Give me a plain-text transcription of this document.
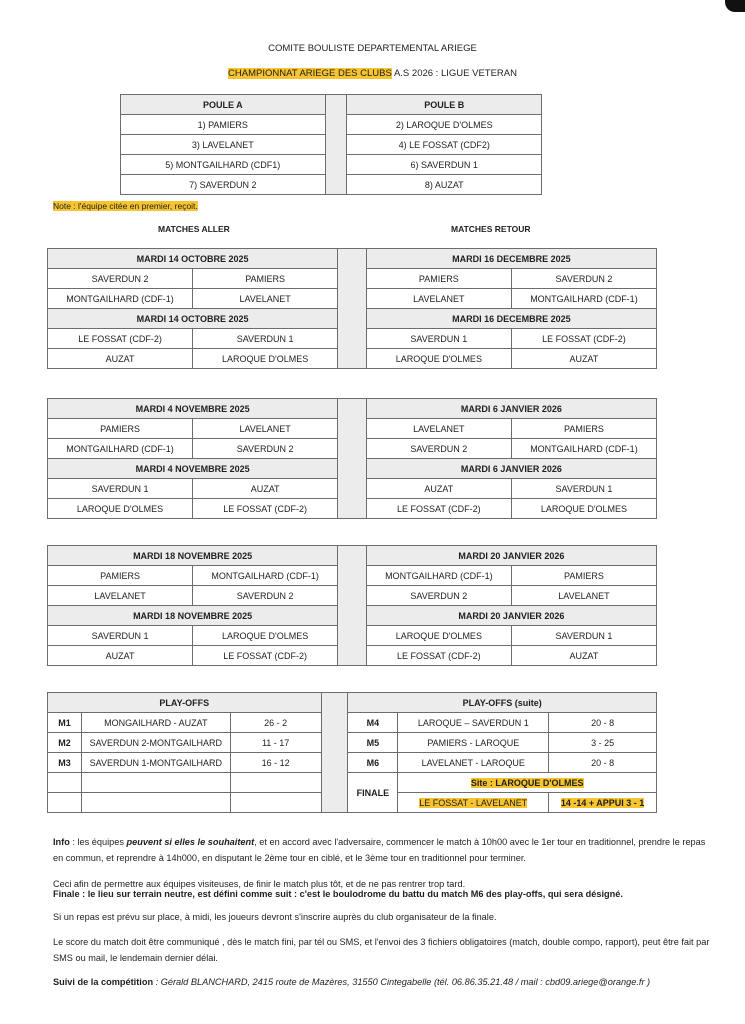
COMITE BOULISTE DEPARTEMENTAL ARIEGE
CHAMPIONNAT ARIEGE DES CLUBS A.S 2026 : LIGUE VETERAN
POULE A		POULE B
1) PAMIERS		2) LAROQUE D'OLMES
3) LAVELANET		4) LE FOSSAT (CDF2)
5) MONTGAILHARD (CDF1)		6) SAVERDUN 1
7) SAVERDUN 2		8) AUZAT
Note : l'équipe citée en premier, reçoit.
MATCHES ALLER	MATCHES RETOUR
MARDI 14 OCTOBRE 2025			MARDI 16 DECEMBRE 2025	
SAVERDUN 2	PAMIERS		PAMIERS	SAVERDUN 2
MONTGAILHARD (CDF-1)	LAVELANET		LAVELANET	MONTGAILHARD (CDF-1)
MARDI 14 OCTOBRE 2025			MARDI 16 DECEMBRE 2025	
LE FOSSAT (CDF-2)	SAVERDUN 1		SAVERDUN 1	LE FOSSAT (CDF-2)
AUZAT	LAROQUE D'OLMES		LAROQUE D'OLMES	AUZAT
MARDI 4 NOVEMBRE 2025			MARDI 6 JANVIER 2026	
PAMIERS	LAVELANET		LAVELANET	PAMIERS
MONTGAILHARD (CDF-1)	SAVERDUN 2		SAVERDUN 2	MONTGAILHARD (CDF-1)
MARDI 4 NOVEMBRE 2025			MARDI 6 JANVIER 2026	
SAVERDUN 1	AUZAT		AUZAT	SAVERDUN 1
LAROQUE D'OLMES	LE FOSSAT (CDF-2)		LE FOSSAT (CDF-2)	LAROQUE D'OLMES
MARDI 18 NOVEMBRE 2025			MARDI 20 JANVIER 2026	
PAMIERS	MONTGAILHARD (CDF-1)		MONTGAILHARD (CDF-1)	PAMIERS
LAVELANET	SAVERDUN 2		SAVERDUN 2	LAVELANET
MARDI 18 NOVEMBRE 2025			MARDI 20 JANVIER 2026	
SAVERDUN 1	LAROQUE D'OLMES		LAROQUE D'OLMES	SAVERDUN 1
AUZAT	LE FOSSAT (CDF-2)		LE FOSSAT (CDF-2)	AUZAT
PLAY-OFFS				PLAY-OFFS (suite)		
M1	MONGAILHARD - AUZAT	26 - 2		M4	LAROQUE – SAVERDUN 1	20 - 8
M2	SAVERDUN 2-MONTGAILHARD	11 - 17		M5	PAMIERS - LAROQUE	3 - 25
M3	SAVERDUN 1-MONTGAILHARD	16 - 12		M6	LAVELANET - LAROQUE	20 - 8
				FINALE	Site : LAROQUE D'OLMES	
					LE FOSSAT - LAVELANET	14 -14 + APPUI 3 - 1
Info : les équipes peuvent si elles le souhaitent, et en accord avec l'adversaire, commencer le match à 10h00 avec le 1er tour en traditionnel, prendre le repas en commun, et reprendre à 14h000, en disputant le 2ème tour en ciblé, et le 3ème tour en traditionnel pour terminer.
Ceci afin de permettre aux équipes visiteuses, de finir le match plus tôt, et de ne pas rentrer trop tard.
Finale : le lieu sur terrain neutre, est défini comme suit : c'est le boulodrome du battu du match M6 des play-offs, qui sera désigné.
Si un repas est prévu sur place, à midi, les joueurs devront s'inscrire auprès du club organisateur de la finale.
Le score du match doit être communiqué , dès le match fini, par tél ou SMS, et l'envoi des 3 fichiers obligatoires (match, double compo, rapport), peut être fait par SMS ou mail, le lendemain dernier délai.
Suivi de la compétition : Gérald BLANCHARD, 2415 route de Mazères, 31550 Cintegabelle (tél. 06.86.35.21.48 / mail : cbd09.ariege@orange.fr )
